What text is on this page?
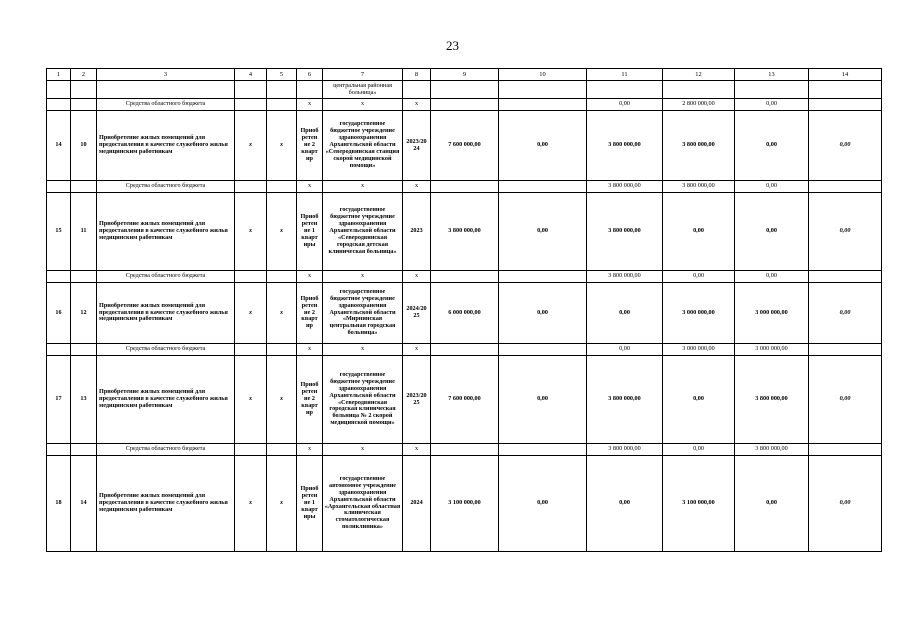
23
1	2	3	4	5	6	7	8	9	10	11	12	13	14
						центральная районная больница»							
		Средства областного бюджета			х	х	х			0,00	2 800 000,00	0,00	
14	10	Приобретение жилых помещений для предоставления в качестве служебного жилья медицинским работникам	х	х	Приоб ретен ие 2 кварт ир	государственное бюджетное учреждение здравоохранения Архангельской области «Северодвинская станция скорой медицинской помощи»	2023/20 24	7 600 000,00	0,00	3 800 000,00	3 800 000,00	0,00	0,00
		Средства областного бюджета			х	х	х			3 800 000,00	3 800 000,00	0,00	
15	11	Приобретение жилых помещений для предоставления в качестве служебного жилья медицинским работникам	х	х	Приоб ретен ие 1 кварт иры	государственное бюджетное учреждение здравоохранения Архангельской области «Северодвинская городская детская клиническая больница»	2023	3 800 000,00	0,00	3 800 000,00	0,00	0,00	0,00
		Средства областного бюджета			х	х	х			3 800 000,00	0,00	0,00	
16	12	Приобретение жилых помещений для предоставления в качестве служебного жилья медицинским работникам	х	х	Приоб ретен ие 2 кварт ир	государственное бюджетное учреждение здравоохранения Архангельской области «Мирнинская центральная городская больница»	2024/20 25	6 000 000,00	0,00	0,00	3 000 000,00	3 000 000,00	0,00
		Средства областного бюджета			х	х	х			0,00	3 000 000,00	3 000 000,00	
17	13	Приобретение жилых помещений для предоставления в качестве служебного жилья медицинским работникам	х	х	Приоб ретен ие 2 кварт ир	государственное бюджетное учреждение здравоохранения Архангельской области «Северодвинская городская клиническая больница № 2 скорой медицинской помощи»	2023/20 25	7 600 000,00	0,00	3 800 000,00	0,00	3 800 000,00	0,00
		Средства областного бюджета			х	х	х			3 800 000,00	0,00	3 800 000,00	
18	14	Приобретение жилых помещений для предоставления в качестве служебного жилья медицинским работникам	х	х	Приоб ретен ие 1 кварт иры	государственное автономное учреждение здравоохранения Архангельской области «Архангельская областная клиническая стоматологическая поликлиника»	2024	3 100 000,00	0,00	0,00	3 100 000,00	0,00	0,00
